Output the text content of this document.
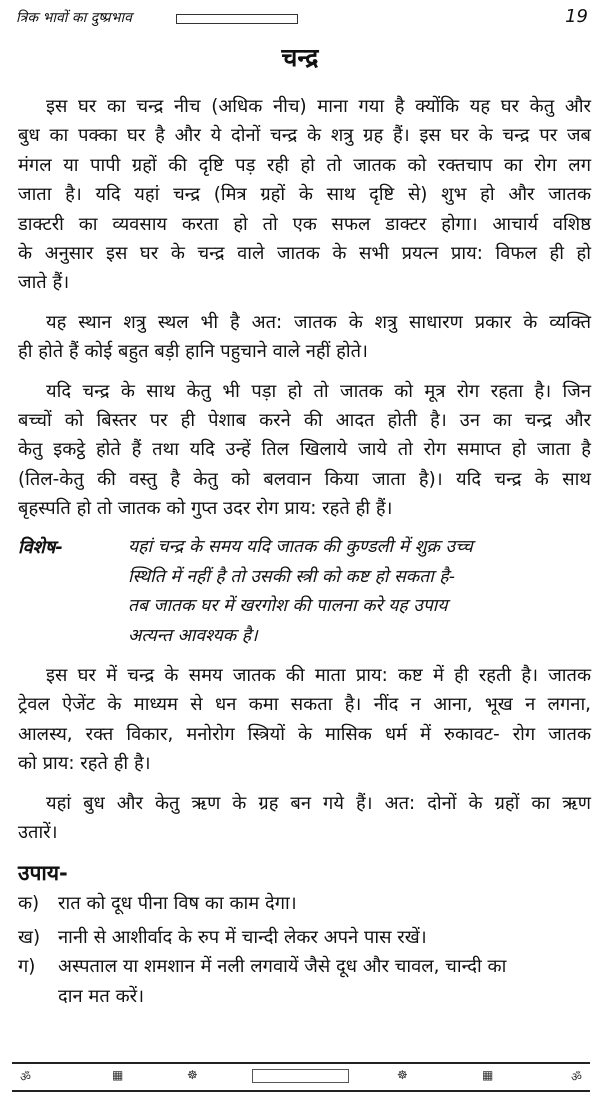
त्रिक भावों का दुष्प्रभाव	19
चन्द्र
इस घर का चन्द्र नीच (अधिक नीच) माना गया है क्योंकि यह घर केतु और
बुध का पक्का घर है और ये दोनों चन्द्र के शत्रु ग्रह हैं। इस घर के चन्द्र पर जब
मंगल या पापी ग्रहों की दृष्टि पड़ रही हो तो जातक को रक्तचाप का रोग लग
जाता है। यदि यहां चन्द्र (मित्र ग्रहों के साथ दृष्टि से) शुभ हो और जातक
डाक्टरी का व्यवसाय करता हो तो एक सफल डाक्टर होगा। आचार्य वशिष्ठ
के अनुसार इस घर के चन्द्र वाले जातक के सभी प्रयत्न प्राय: विफल ही हो
जाते हैं।
यह स्थान शत्रु स्थल भी है अत: जातक के शत्रु साधारण प्रकार के व्यक्ति
ही होते हैं कोई बहुत बड़ी हानि पहुचाने वाले नहीं होते।
यदि चन्द्र के साथ केतु भी पड़ा हो तो जातक को मूत्र रोग रहता है। जिन
बच्चों को बिस्तर पर ही पेशाब करने की आदत होती है। उन का चन्द्र और
केतु इकट्ठे होते हैं तथा यदि उन्हें तिल खिलाये जाये तो रोग समाप्त हो जाता है
(तिल-केतु की वस्तु है केतु को बलवान किया जाता है)। यदि चन्द्र के साथ
बृहस्पति हो तो जातक को गुप्त उदर रोग प्राय: रहते ही हैं।
विशेष-	यहां चन्द्र के समय यदि जातक की कुण्डली में शुक्र उच्च
स्थिति में नहीं है तो उसकी स्त्री को कष्ट हो सकता है-
तब जातक घर में खरगोश की पालना करे यह उपाय
अत्यन्त आवश्यक है।
इस घर में चन्द्र के समय जातक की माता प्राय: कष्ट में ही रहती है। जातक
ट्रेवल ऐजेंट के माध्यम से धन कमा सकता है। नींद न आना, भूख न लगना,
आलस्य, रक्त विकार, मनोरोग स्त्रियों के मासिक धर्म में रुकावट- रोग जातक
को प्राय: रहते ही है।
यहां बुध और केतु ऋण के ग्रह बन गये हैं। अत: दोनों के ग्रहों का ऋण
उतारें।
उपाय-
क)	रात को दूध पीना विष का काम देगा।
ख) नानी से आशीर्वाद के रुप में चान्दी लेकर अपने पास रखें।
ग)	अस्पताल या शमशान में नली लगवायें जैसे दूध और चावल, चान्दी का
दान मत करें।
ॐ	▦	☸	☸	▦	ॐ
